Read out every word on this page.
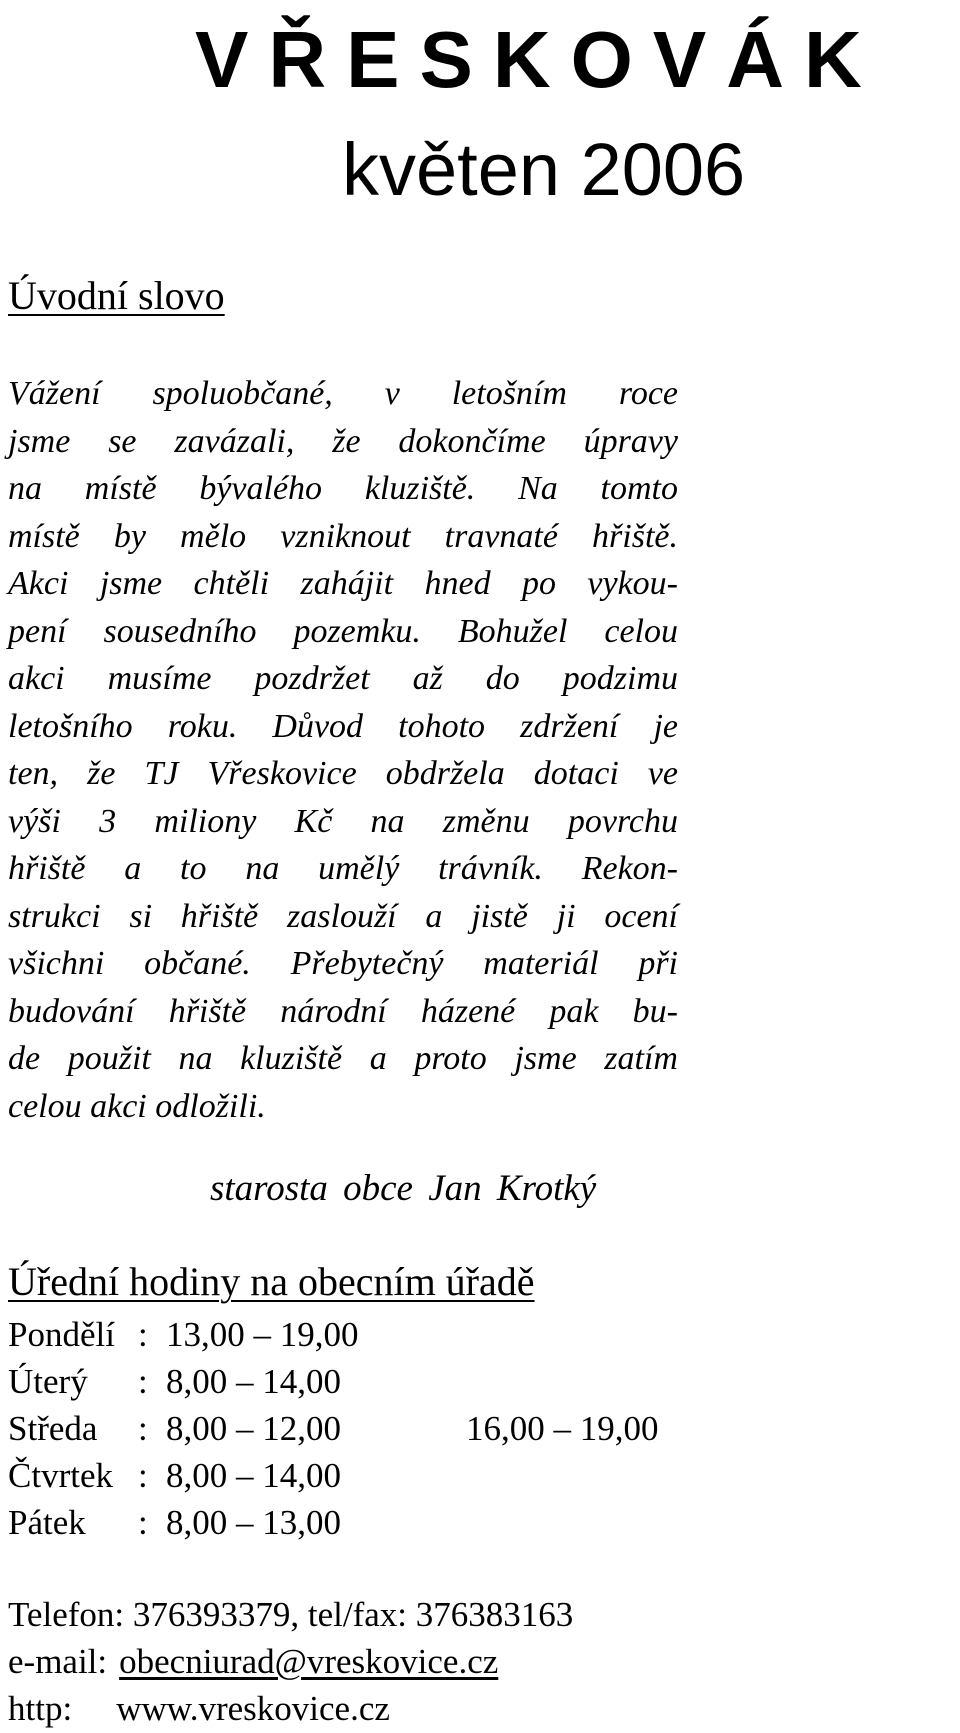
VŘESKOVÁK
květen 2006
Úvodní slovo
Vážení spoluobčané, v letošním roce
jsme se zavázali, že dokončíme úpravy
na místě bývalého kluziště. Na tomto
místě by mělo vzniknout travnaté hřiště.
Akci jsme chtěli zahájit hned po vykou-
pení sousedního pozemku. Bohužel celou
akci musíme pozdržet až do podzimu
letošního roku. Důvod tohoto zdržení je
ten, že TJ Vřeskovice obdržela dotaci ve
výši 3 miliony Kč na změnu povrchu
hřiště a to na umělý trávník. Rekon-
strukci si hřiště zaslouží a jistě ji ocení
všichni občané. Přebytečný materiál při
budování hřiště národní házené pak bu-
de použit na kluziště a proto jsme zatím
celou akci odložili.
starosta obce Jan Krotký
Úřední hodiny na obecním úřadě
Pondělí : 13,00 – 19,00
Úterý : 8,00 – 14,00
Středa : 8,00 – 12,00	16,00 – 19,00
Čtvrtek : 8,00 – 14,00
Pátek : 8,00 – 13,00
Telefon: 376393379, tel/fax: 376383163
e-mail: obecniurad@vreskovice.cz
http: www.vreskovice.cz
